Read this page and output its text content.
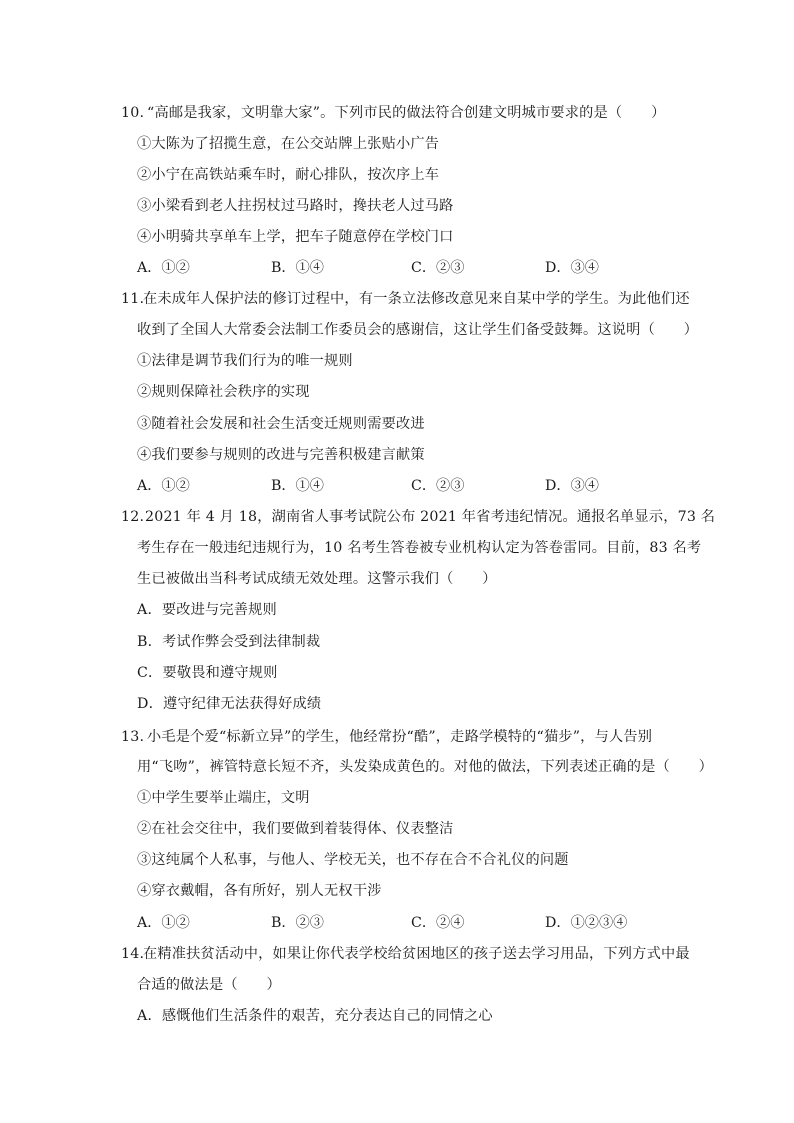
10. “高邮是我家，文明靠大家”。下列市民的做法符合创建文明城市要求的是（　　）
①大陈为了招揽生意，在公交站牌上张贴小广告
②小宁在高铁站乘车时，耐心排队，按次序上车
③小梁看到老人拄拐杖过马路时，搀扶老人过马路
④小明骑共享单车上学，把车子随意停在学校门口
A．①②	B．①④	C．②③	D．③④
11.
在未成年人保护法的修订过程中，有一条立法修改意见来自某中学的学生。为此他们还
收到了全国人大常委会法制工作委员会的感谢信，这让学生们备受鼓舞。这说明（　　）
①法律是调节我们行为的唯一规则
②规则保障社会秩序的实现
③随着社会发展和社会生活变迁规则需要改进
④我们要参与规则的改进与完善积极建言献策
A．①②	B．①④	C．②③	D．③④
12. 2021 年 4 月 18，湖南省人事考试院公布 2021 年省考违纪情况。通报名单显示，73 名
考生存在一般违纪违规行为，10 名考生答卷被专业机构认定为答卷雷同。目前，83 名考
生已被做出当科考试成绩无效处理。这警示我们（　　）
A．要改进与完善规则
B．考试作弊会受到法律制裁
C．要敬畏和遵守规则
D．遵守纪律无法获得好成绩
13. 小毛是个爱“标新立异”的学生，他经常扮“酷”，走路学模特的“猫步”，与人告别
用“飞吻”，裤管特意长短不齐，头发染成黄色的。对他的做法，下列表述正确的是（　　）
①中学生要举止端庄，文明
②在社会交往中，我们要做到着装得体、仪表整洁
③这纯属个人私事，与他人、学校无关，也不存在合不合礼仪的问题
④穿衣戴帽，各有所好，别人无权干涉
A．①②	B．②③	C．②④	D．①②③④
14.
在精准扶贫活动中，如果让你代表学校给贫困地区的孩子送去学习用品，下列方式中最
合适的做法是（　　）
A．感慨他们生活条件的艰苦，充分表达自己的同情之心
